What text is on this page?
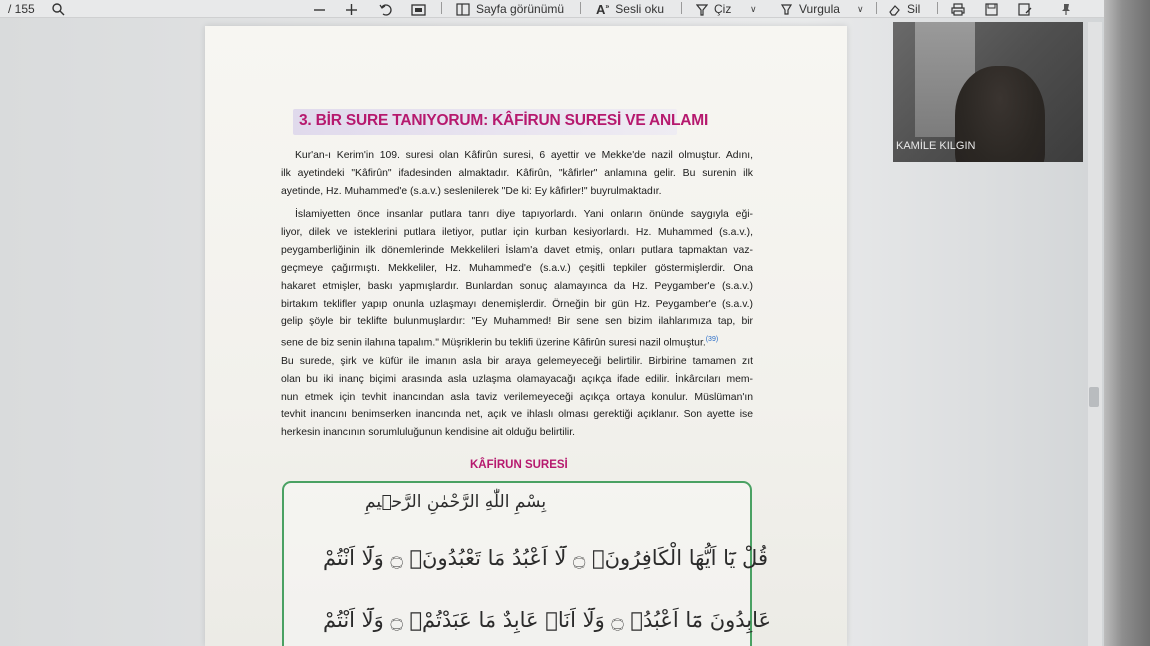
/ 155	Sayfa görünümü A» Sesli oku	Çiz ∨	Vurgula ∨	Sil
3. BİR SURE TANIYORUM: KÂFİRUN SURESİ VE ANLAMI
Kur'an-ı Kerim'in 109. suresi olan Kâfirûn suresi, 6 ayettir ve Mekke'de nazil olmuştur. Adını,
ilk ayetindeki "Kâfirûn" ifadesinden almaktadır. Kâfirûn, "kâfirler" anlamına gelir. Bu surenin ilk
ayetinde, Hz. Muhammed'e (s.a.v.) seslenilerek "De ki: Ey kâfirler!" buyrulmaktadır.
İslamiyetten önce insanlar putlara tanrı diye tapıyorlardı. Yani onların önünde saygıyla eği-
liyor, dilek ve isteklerini putlara iletiyor, putlar için kurban kesiyorlardı. Hz. Muhammed (s.a.v.),
peygamberliğinin ilk dönemlerinde Mekkelileri İslam'a davet etmiş, onları putlara tapmaktan vaz-
geçmeye çağırmıştı. Mekkeliler, Hz. Muhammed'e (s.a.v.) çeşitli tepkiler göstermişlerdir. Ona
hakaret etmişler, baskı yapmışlardır. Bunlardan sonuç alamayınca da Hz. Peygamber'e (s.a.v.)
birtakım teklifler yapıp onunla uzlaşmayı denemişlerdir. Örneğin bir gün Hz. Peygamber'e (s.a.v.)
gelip şöyle bir teklifte bulunmuşlardır: "Ey Muhammed! Bir sene sen bizim ilahlarımıza tap, bir
sene de biz senin ilahına tapalım." Müşriklerin bu teklifi üzerine Kâfirûn suresi nazil olmuştur.$^{(39)}$
Bu surede, şirk ve küfür ile imanın asla bir araya gelemeyeceği belirtilir. Birbirine tamamen zıt
olan bu iki inanç biçimi arasında asla uzlaşma olamayacağı açıkça ifade edilir. İnkârcıları mem-
nun etmek için tevhit inancından asla taviz verilemeyeceği açıkça ortaya konulur. Müslüman'ın
tevhit inancını benimserken inancında net, açık ve ihlaslı olması gerektiği açıklanır. Son ayette ise
herkesin inancının sorumluluğunun kendisine ait olduğu belirtilir.
KÂFİRUN SURESİ
بِسْمِ اللّٰهِ الرَّحْمٰنِ الرَّح۪يمِ
قُلْ يَٓا اَيُّهَا الْكَافِرُونَۙ ۝ لَٓا اَعْبُدُ مَا تَعْبُدُونَۙ ۝ وَلَٓا اَنْتُمْ
عَابِدُونَ مَٓا اَعْبُدُۚ ۝ وَلَٓا اَنَا۬ عَابِدٌ مَا عَبَدْتُمْۙ ۝ وَلَٓا اَنْتُمْ
KAMİLE KILGIN
